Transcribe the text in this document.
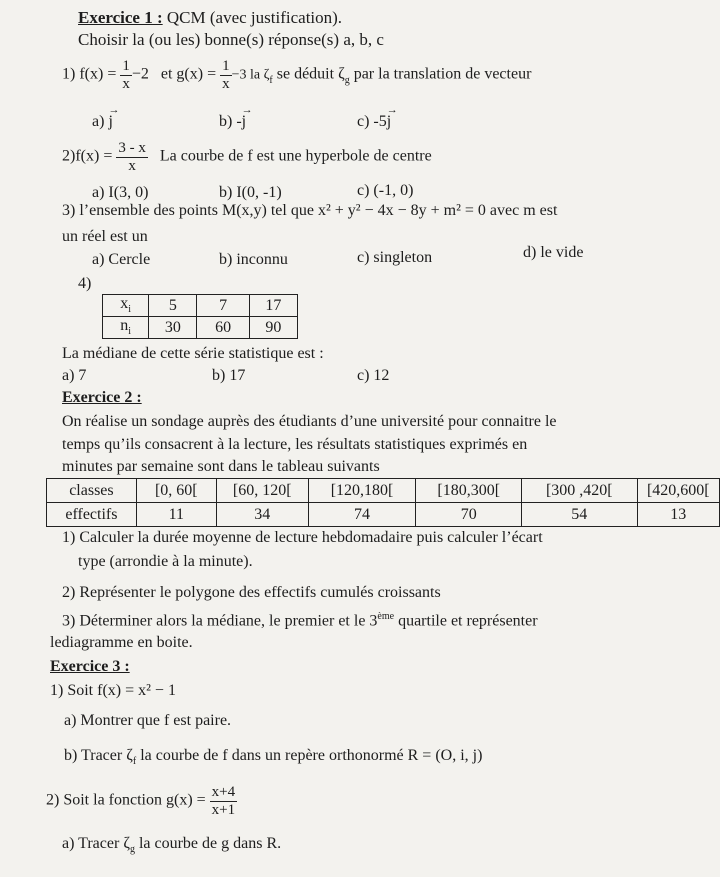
Exercice 1 : QCM (avec justification).
Choisir la (ou les) bonne(s) réponse(s) a, b, c
1) $f(x) = \frac{1}{x} -2$ et $g(x) = \frac{1}{x} -3$ la $\zeta_f$ se déduit $\zeta_g$ par la translation de vecteur
a)
→
j	b) -
→
j	c) -5
→
j
$2)f(x) = \frac{3 - x}{x}$ La courbe de f est une hyperbole de centre
a) I(3, 0)	b) I(0, -1)	c) (-1, 0)
3) l’ensemble des points M(x,y) tel que x² + y² − 4x − 8y + m² = 0 avec m est
un réel est un
a) Cercle	b) inconnu	c) singleton	d) le vide
4)
$x_i$	5	7	17
$n_i$	30	60	90
La médiane de cette série statistique est :
a) 7	b) 17	c) 12
Exercice 2 :
On réalise un sondage auprès des étudiants d’une université pour connaitre le
temps qu’ils consacrent à la lecture, les résultats statistiques exprimés en
minutes par semaine sont dans le tableau suivants
classes	[0, 60[	[60, 120[	[120,180[	[180,300[	[300 ,420[	[420,600[
effectifs	11	34	74	70	54	13
1) Calculer la durée moyenne de lecture hebdomadaire puis calculer l’écart
type (arrondie à la minute).
2) Représenter le polygone des effectifs cumulés croissants
3) Déterminer alors la médiane, le premier et le 3ème quartile et représenter
lediagramme en boite.
Exercice 3 :
1) Soit f(x) = x² − 1
a) Montrer que f est paire.
b) Tracer $\zeta_f$ la courbe de f dans un repère orthonormé R = (O, i, j)
2) Soit la fonction $g(x) = \frac{x+4}{x+1}$
a) Tracer $\zeta_g$ la courbe de g dans R.
